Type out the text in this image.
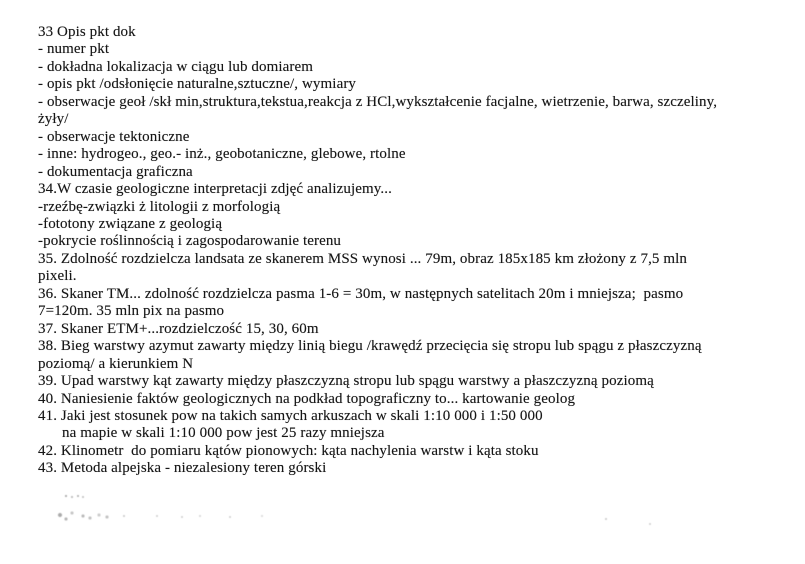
33 Opis pkt dok
- numer pkt
- dokładna lokalizacja w ciągu lub domiarem
- opis pkt /odsłonięcie naturalne,sztuczne/, wymiary
- obserwacje geoł /skł min,struktura,tekstua,reakcja z HCl,wykształcenie facjalne, wietrzenie, barwa, szczeliny,
żyły/
- obserwacje tektoniczne
- inne: hydrogeo., geo.- inż., geobotaniczne, glebowe, rtolne
- dokumentacja graficzna
34.W czasie geologiczne interpretacji zdjęć analizujemy...
-rzeźbę-związki ż litologii z morfologią
-fototony związane z geologią
-pokrycie roślinnością i zagospodarowanie terenu
35. Zdolność rozdzielcza landsata ze skanerem MSS wynosi ... 79m, obraz 185x185 km złożony z 7,5 mln
pixeli.
36. Skaner TM... zdolność rozdzielcza pasma 1-6 = 30m, w następnych satelitach 20m i mniejsza;  pasmo
7=120m. 35 mln pix na pasmo
37. Skaner ETM+...rozdzielczość 15, 30, 60m
38. Bieg warstwy azymut zawarty między linią biegu /krawędź przecięcia się stropu lub spągu z płaszczyzną
poziomą/ a kierunkiem N
39. Upad warstwy kąt zawarty między płaszczyzną stropu lub spągu warstwy a płaszczyzną poziomą
40. Naniesienie faktów geologicznych na podkład topograficzny to... kartowanie geolog
41. Jaki jest stosunek pow na takich samych arkuszach w skali 1:10 000 i 1:50 000
na mapie w skali 1:10 000 pow jest 25 razy mniejsza
42. Klinometr  do pomiaru kątów pionowych: kąta nachylenia warstw i kąta stoku
43. Metoda alpejska - niezalesiony teren górski
